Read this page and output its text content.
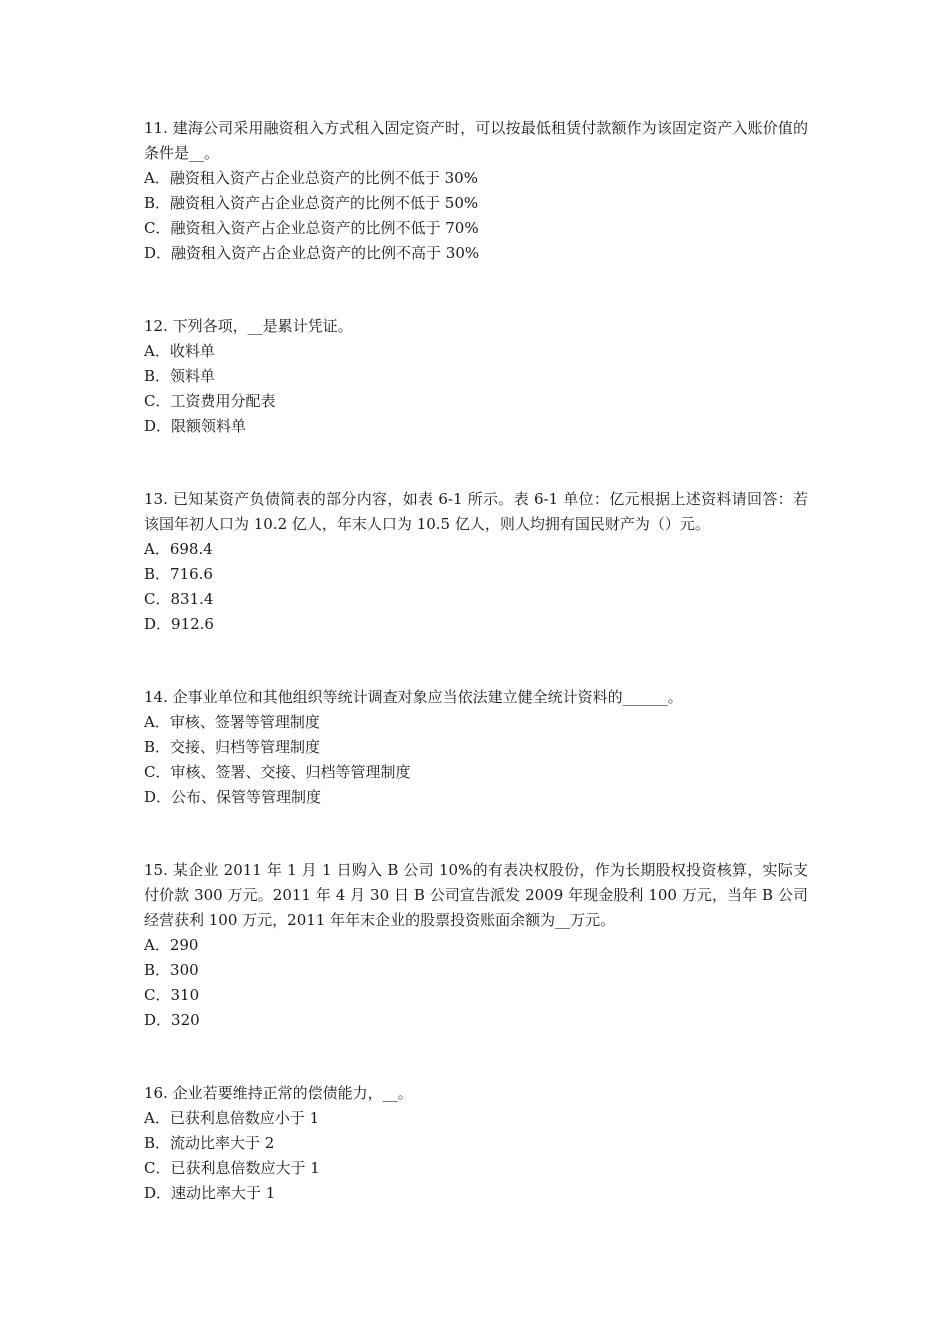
11. 建海公司采用融资租入方式租入固定资产时，可以按最低租赁付款额作为该固定资产入账价值的条件是__。

A．融资租入资产占企业总资产的比例不低于 30%

B．融资租入资产占企业总资产的比例不低于 50%

C．融资租入资产占企业总资产的比例不低于 70%

D．融资租入资产占企业总资产的比例不高于 30%

12. 下列各项，__是累计凭证。

A．收料单

B．领料单

C．工资费用分配表

D．限额领料单

13. 已知某资产负债简表的部分内容，如表 6-1 所示。表 6-1 单位：亿元根据上述资料请回答：若该国年初人口为 10.2 亿人，年末人口为 10.5 亿人，则人均拥有国民财产为（）元。

A．698.4

B．716.6

C．831.4

D．912.6

14. 企事业单位和其他组织等统计调查对象应当依法建立健全统计资料的______。

A．审核、签署等管理制度

B．交接、归档等管理制度

C．审核、签署、交接、归档等管理制度

D．公布、保管等管理制度

15. 某企业 2011 年 1 月 1 日购入 B 公司 10%的有表决权股份，作为长期股权投资核算，实际支付价款 300 万元。2011 年 4 月 30 日 B 公司宣告派发 2009 年现金股利 100 万元，当年 B 公司经营获利 100 万元，2011 年年末企业的股票投资账面余额为__万元。

A．290

B．300

C．310

D．320

16. 企业若要维持正常的偿债能力，__。

A．已获利息倍数应小于 1

B．流动比率大于 2

C．已获利息倍数应大于 1

D．速动比率大于 1
